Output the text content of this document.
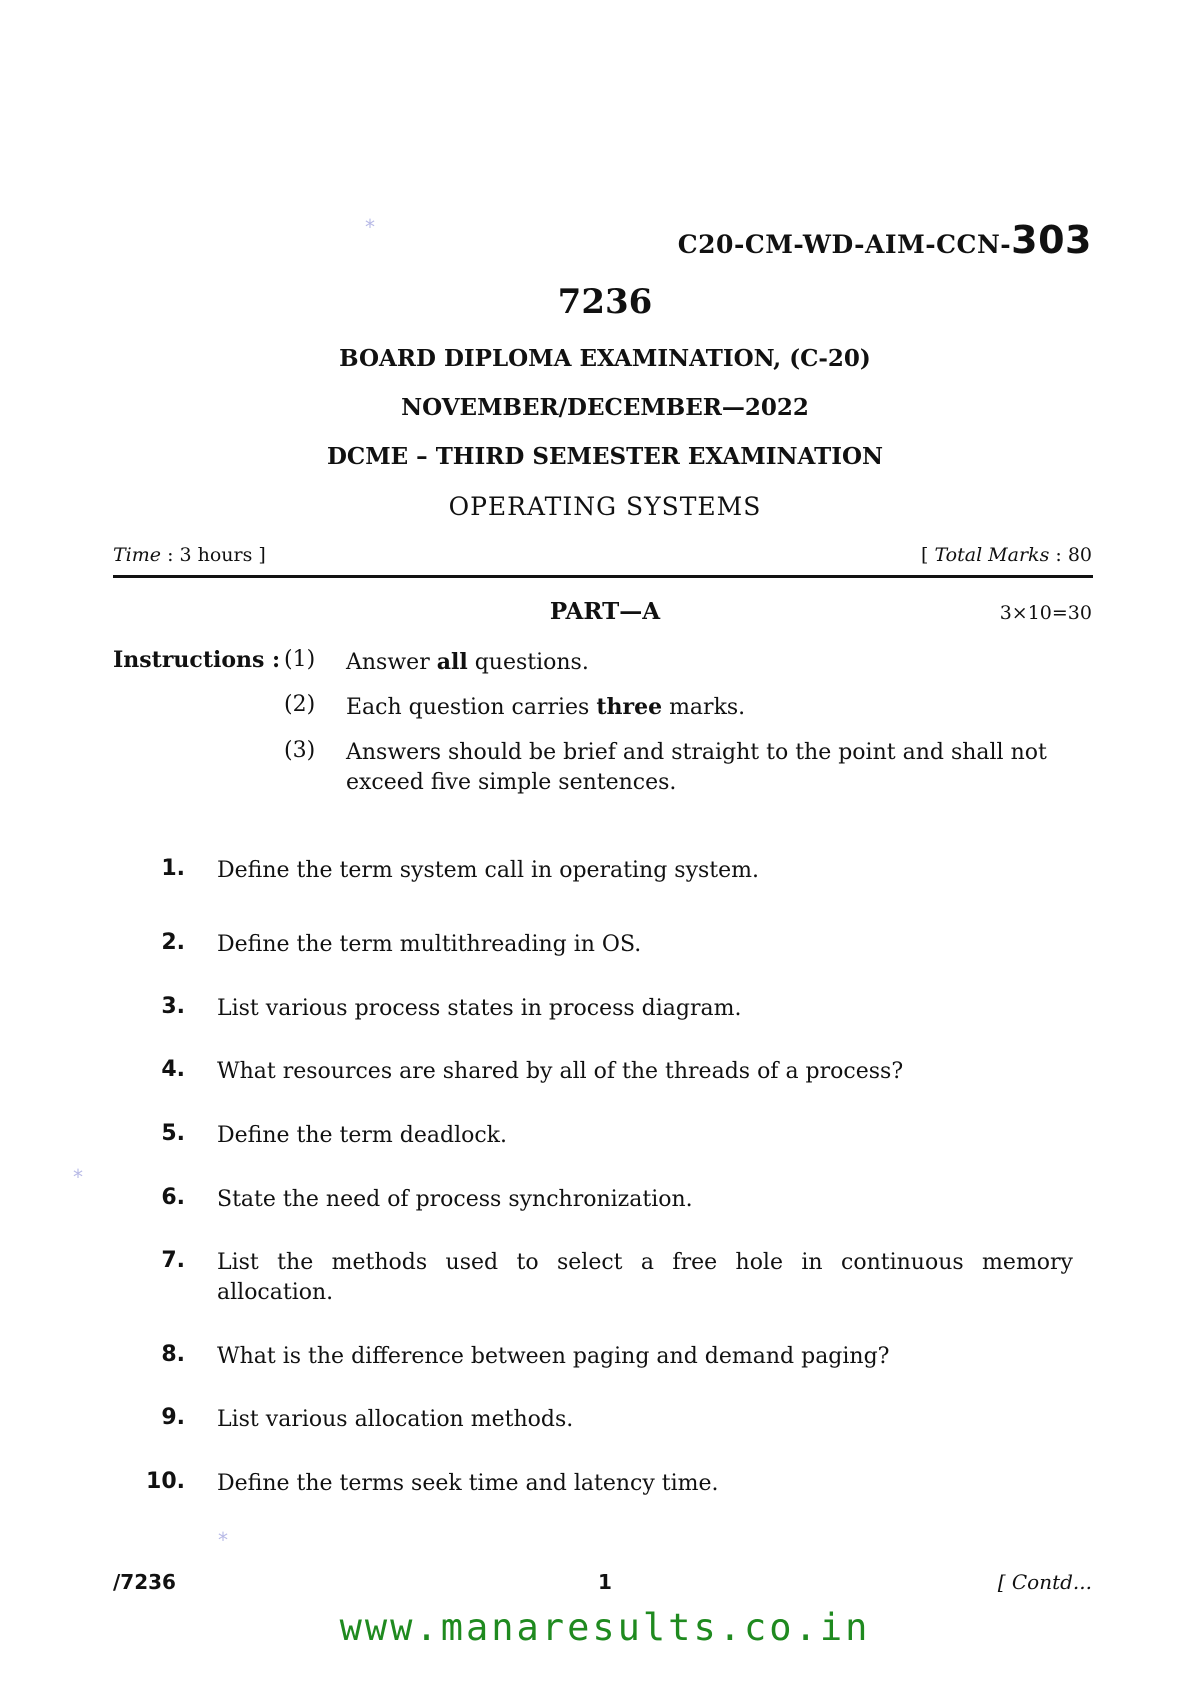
*
*
*
C20-CM-WD-AIM-CCN-303
7236
BOARD DIPLOMA EXAMINATION, (C-20)
NOVEMBER/DECEMBER—2022
DCME – THIRD SEMESTER EXAMINATION
OPERATING SYSTEMS
Time : 3 hours ]	[ Total Marks : 80
PART—A	3×10=30
Instructions : (1)	Answer all questions.
(2)	Each question carries three marks.
(3)	Answers should be brief and straight to the point and shall not exceed five simple sentences.
1.	Define the term system call in operating system.
2.	Define the term multithreading in OS.
3.	List various process states in process diagram.
4.	What resources are shared by all of the threads of a process?
5.	Define the term deadlock.
6.	State the need of process synchronization.
7.	List the methods used to select a free hole in continuous memory allocation.
8.	What is the difference between paging and demand paging?
9.	List various allocation methods.
10.	Define the terms seek time and latency time.
/7236	1	[ Contd...
www.manaresults.co.in
